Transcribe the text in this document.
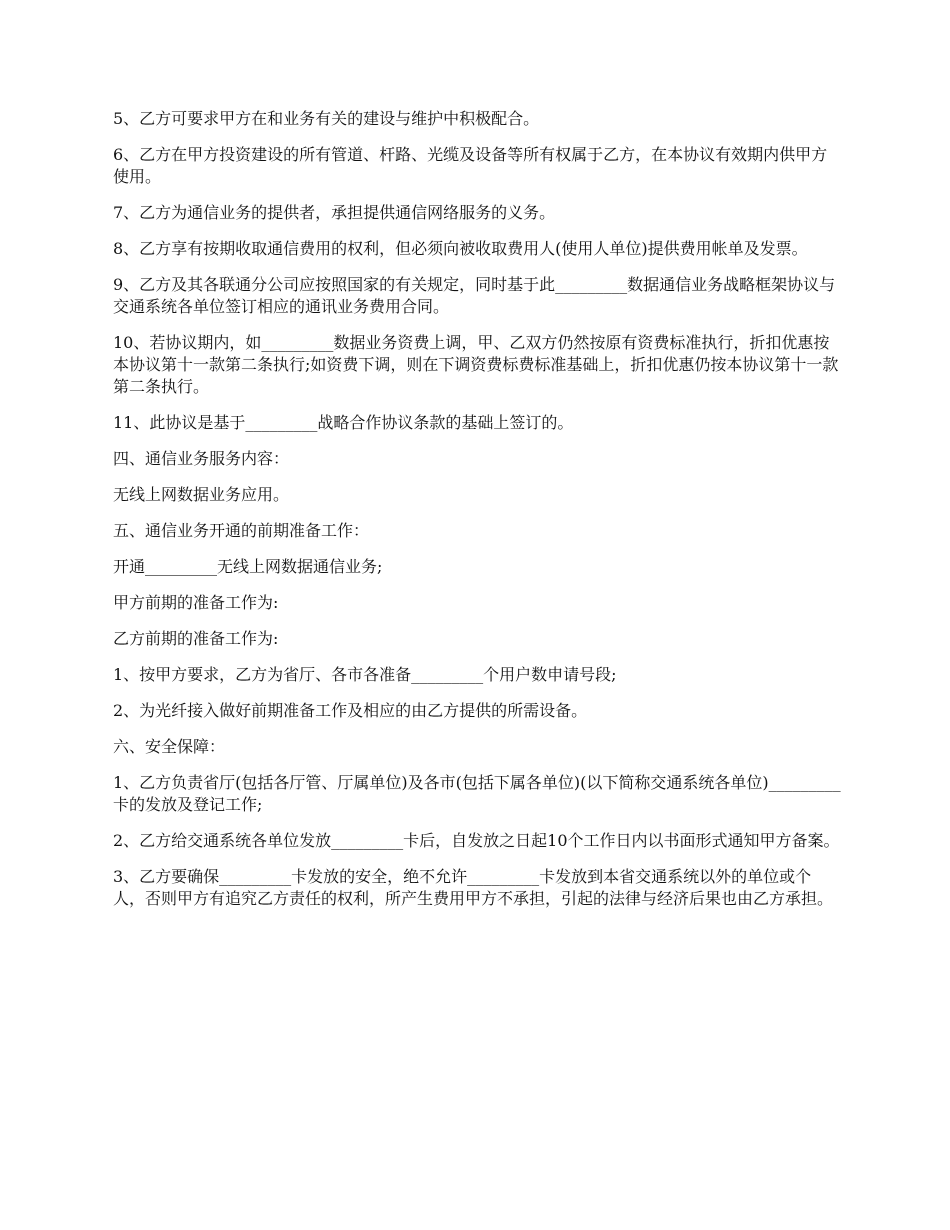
5、乙方可要求甲方在和业务有关的建设与维护中积极配合。

6、乙方在甲方投资建设的所有管道、杆路、光缆及设备等所有权属于乙方，在本协议有效期内供甲方使用。

7、乙方为通信业务的提供者，承担提供通信网络服务的义务。

8、乙方享有按期收取通信费用的权利，但必须向被收取费用人(使用人单位)提供费用帐单及发票。

9、乙方及其各联通分公司应按照国家的有关规定，同时基于此_________数据通信业务战略框架协议与交通系统各单位签订相应的通讯业务费用合同。

10、若协议期内，如_________数据业务资费上调，甲、乙双方仍然按原有资费标准执行，折扣优惠按本协议第十一款第二条执行;如资费下调，则在下调资费标费标准基础上，折扣优惠仍按本协议第十一款第二条执行。

11、此协议是基于_________战略合作协议条款的基础上签订的。

四、通信业务服务内容：

无线上网数据业务应用。

五、通信业务开通的前期准备工作：

开通_________无线上网数据通信业务;

甲方前期的准备工作为:

乙方前期的准备工作为:

1、按甲方要求，乙方为省厅、各市各准备_________个用户数申请号段;

2、为光纤接入做好前期准备工作及相应的由乙方提供的所需设备。

六、安全保障：

1、乙方负责省厅(包括各厅管、厅属单位)及各市(包括下属各单位)(以下简称交通系统各单位)_________卡的发放及登记工作;

2、乙方给交通系统各单位发放_________卡后，自发放之日起10个工作日内以书面形式通知甲方备案。

3、乙方要确保_________卡发放的安全，绝不允许_________卡发放到本省交通系统以外的单位或个人，否则甲方有追究乙方责任的权利，所产生费用甲方不承担，引起的法律与经济后果也由乙方承担。
